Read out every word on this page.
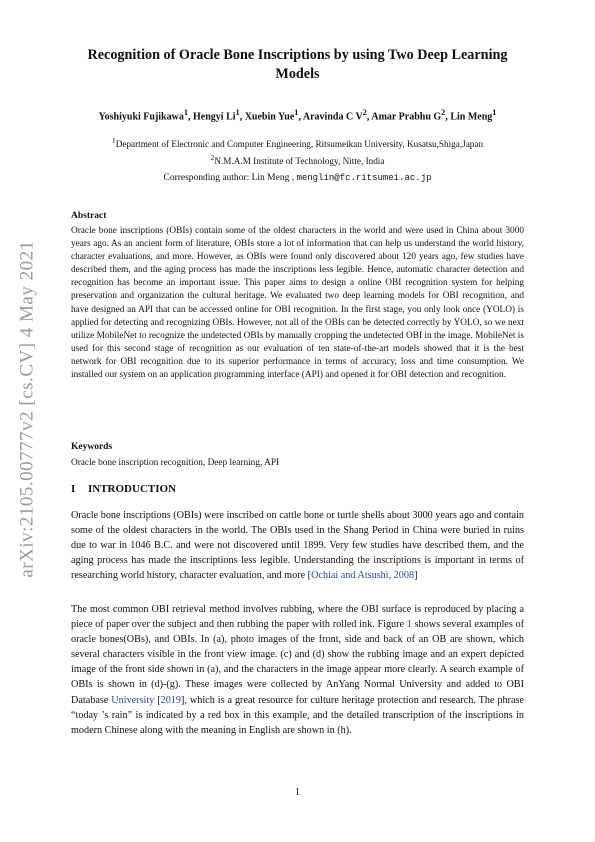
arXiv:2105.00777v2 [cs.CV] 4 May 2021
Recognition of Oracle Bone Inscriptions by using Two Deep Learning Models
Yoshiyuki Fujikawa$^1$, Hengyi Li$^1$, Xuebin Yue$^1$, Aravinda C $V^2$, Amar Prabhu $G^2$, Lin Meng$^1$
$^1$Department of Electronic and Computer Engineering, Ritsumeikan University, Kusatsu,Shiga,Japan
$^2$N.M.A.M Institute of Technology, Nitte, India
Corresponding author: Lin Meng , menglin@fc.ritsumei.ac.jp
Abstract

Oracle bone inscriptions (OBIs) contain some of the oldest characters in the world and were used in China about 3000 years ago. As an ancient form of literature, OBIs store a lot of information that can help us understand the world history, character evaluations, and more. However, as OBIs were found only discovered about 120 years ago, few studies have described them, and the aging process has made the inscriptions less legible. Hence, automatic character detection and recognition has become an important issue. This paper aims to design a online OBI recognition system for helping preservation and organization the cultural heritage. We evaluated two deep learning models for OBI recognition, and have designed an API that can be accessed online for OBI recognition. In the first stage, you only look once (YOLO) is applied for detecting and recognizing OBIs. However, not all of the OBIs can be detected correctly by YOLO, so we next utilize MobileNet to recognize the undetected OBIs by manually cropping the undetected OBI in the image. MobileNet is used for this second stage of recognition as our evaluation of ten state-of-the-art models showed that it is the best network for OBI recognition due to its superior performance in terms of accuracy, loss and time consumption. We installed our system on an application programming interface (API) and opened it for OBI detection and recognition.

Keywords

Oracle bone inscription recognition, Deep learning, API

I INTRODUCTION

Oracle bone inscriptions (OBIs) were inscribed on cattle bone or turtle shells about 3000 years ago and contain some of the oldest characters in the world. The OBIs used in the Shang Period in China were buried in ruins due to war in 1046 B.C. and were not discovered until 1899. Very few studies have described them, and the aging process has made the inscriptions less legible. Understanding the inscriptions is important in terms of researching world history, character evaluation, and more [Ochiai and Atsushi, 2008]

The most common OBI retrieval method involves rubbing, where the OBI surface is reproduced by placing a piece of paper over the subject and then rubbing the paper with rolled ink. Figure 1 shows several examples of oracle bones(OBs), and OBIs. In (a), photo images of the front, side and back of an OB are shown, which several characters visible in the front view image. (c) and (d) show the rubbing image and an expert depicted image of the front side shown in (a), and the characters in the image appear more clearly. A search example of OBIs is shown in (d)-(g). These images were collected by AnYang Normal University and added to OBI Database University [2019], which is a great resource for culture heritage protection and research. The phrase “today ’s rain” is indicated by a red box in this example, and the detailed transcription of the inscriptions in modern Chinese along with the meaning in English are shown in (h).

1
